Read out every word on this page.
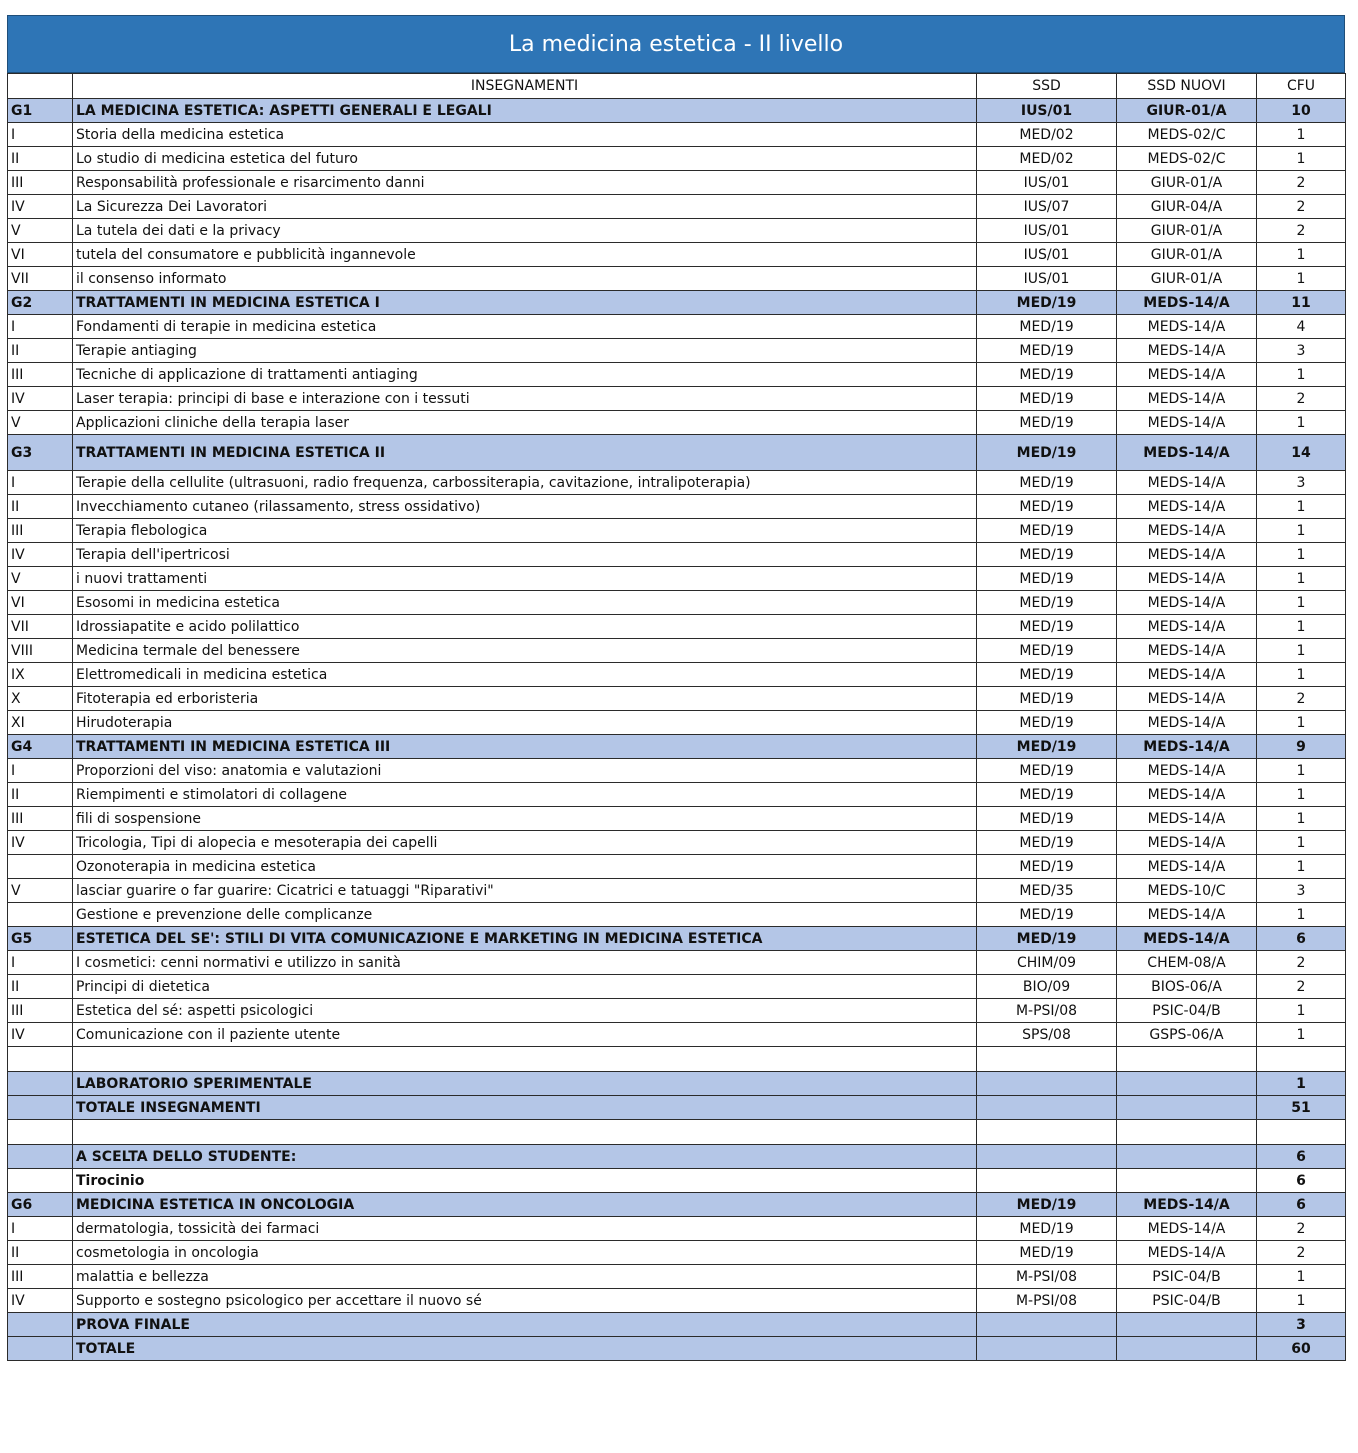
La medicina estetica - II livello
	INSEGNAMENTI	SSD	SSD NUOVI	CFU
G1	LA MEDICINA ESTETICA: ASPETTI GENERALI E LEGALI	IUS/01	GIUR-01/A	10
I	Storia della medicina estetica	MED/02	MEDS-02/C	1
II	Lo studio di medicina estetica del futuro	MED/02	MEDS-02/C	1
III	Responsabilità professionale e risarcimento danni	IUS/01	GIUR-01/A	2
IV	La Sicurezza Dei Lavoratori	IUS/07	GIUR-04/A	2
V	La tutela dei dati e la privacy	IUS/01	GIUR-01/A	2
VI	tutela del consumatore e pubblicità ingannevole	IUS/01	GIUR-01/A	1
VII	il consenso informato	IUS/01	GIUR-01/A	1
G2	TRATTAMENTI IN MEDICINA ESTETICA I	MED/19	MEDS-14/A	11
I	Fondamenti di terapie in medicina estetica	MED/19	MEDS-14/A	4
II	Terapie antiaging	MED/19	MEDS-14/A	3
III	Tecniche di applicazione di trattamenti antiaging	MED/19	MEDS-14/A	1
IV	Laser terapia: principi di base e interazione con i tessuti	MED/19	MEDS-14/A	2
V	Applicazioni cliniche della terapia laser	MED/19	MEDS-14/A	1
G3	TRATTAMENTI IN MEDICINA ESTETICA II	MED/19	MEDS-14/A	14
I	Terapie della cellulite (ultrasuoni, radio frequenza, carbossiterapia, cavitazione, intralipoterapia)	MED/19	MEDS-14/A	3
II	Invecchiamento cutaneo (rilassamento, stress ossidativo)	MED/19	MEDS-14/A	1
III	Terapia flebologica	MED/19	MEDS-14/A	1
IV	Terapia dell'ipertricosi	MED/19	MEDS-14/A	1
V	i nuovi trattamenti	MED/19	MEDS-14/A	1
VI	Esosomi in medicina estetica	MED/19	MEDS-14/A	1
VII	Idrossiapatite e acido polilattico	MED/19	MEDS-14/A	1
VIII	Medicina termale del benessere	MED/19	MEDS-14/A	1
IX	Elettromedicali in medicina estetica	MED/19	MEDS-14/A	1
X	Fitoterapia ed erboristeria	MED/19	MEDS-14/A	2
XI	Hirudoterapia	MED/19	MEDS-14/A	1
G4	TRATTAMENTI IN MEDICINA ESTETICA III	MED/19	MEDS-14/A	9
I	Proporzioni del viso: anatomia e valutazioni	MED/19	MEDS-14/A	1
II	Riempimenti e stimolatori di collagene	MED/19	MEDS-14/A	1
III	fili di sospensione	MED/19	MEDS-14/A	1
IV	Tricologia, Tipi di alopecia e mesoterapia dei capelli	MED/19	MEDS-14/A	1
	Ozonoterapia in medicina estetica	MED/19	MEDS-14/A	1
V	lasciar guarire o far guarire: Cicatrici e tatuaggi "Riparativi"	MED/35	MEDS-10/C	3
	Gestione e prevenzione delle complicanze	MED/19	MEDS-14/A	1
G5	ESTETICA DEL SE': STILI DI VITA COMUNICAZIONE E MARKETING IN MEDICINA ESTETICA	MED/19	MEDS-14/A	6
I	I cosmetici: cenni normativi e utilizzo in sanità	CHIM/09	CHEM-08/A	2
II	Principi di dietetica	BIO/09	BIOS-06/A	2
III	Estetica del sé: aspetti psicologici	M-PSI/08	PSIC-04/B	1
IV	Comunicazione con il paziente utente	SPS/08	GSPS-06/A	1

	LABORATORIO SPERIMENTALE			1
	TOTALE INSEGNAMENTI			51

	A SCELTA DELLO STUDENTE:			6
	Tirocinio			6
G6	MEDICINA ESTETICA IN ONCOLOGIA	MED/19	MEDS-14/A	6
I	dermatologia, tossicità dei farmaci	MED/19	MEDS-14/A	2
II	cosmetologia in oncologia	MED/19	MEDS-14/A	2
III	malattia e bellezza	M-PSI/08	PSIC-04/B	1
IV	Supporto e sostegno psicologico per accettare il nuovo sé	M-PSI/08	PSIC-04/B	1
	PROVA FINALE			3
	TOTALE			60
